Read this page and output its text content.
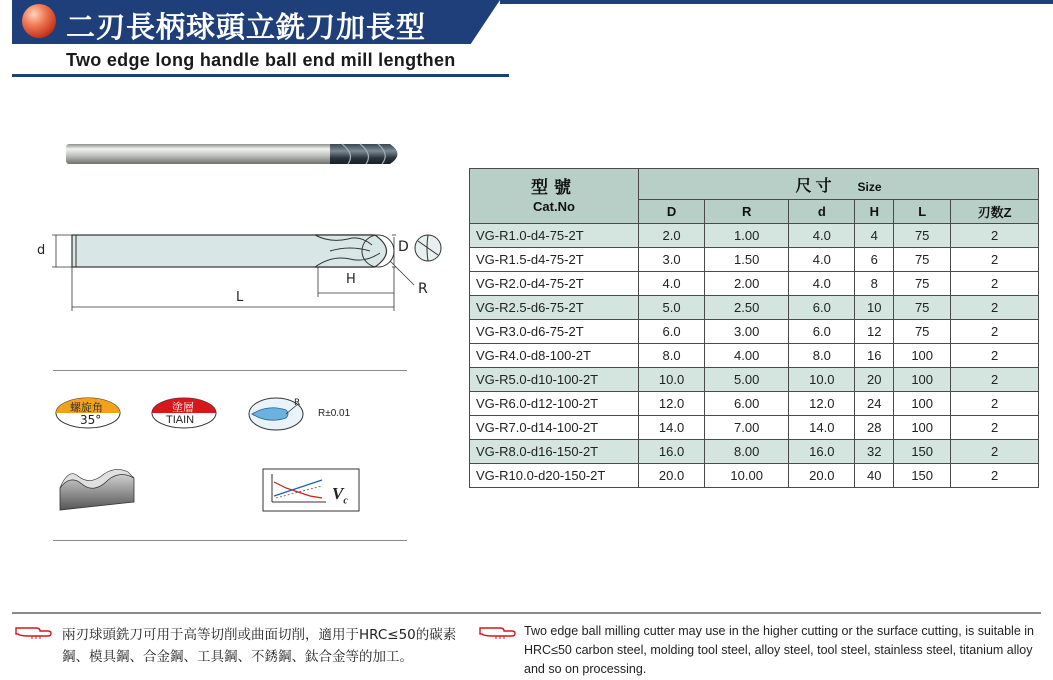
二刃長柄球頭立銑刀加長型
Two edge long handle ball end mill lengthen
d	D
H
L
R
螺旋角
35°
塗層
TIAIN
R
R±0.01
$V_c$
型號
Cat.No	尺寸 Size					
	D	R	d	H	L	刃数Z
VG-R1.0-d4-75-2T	2.0	1.00	4.0	4	75	2
VG-R1.5-d4-75-2T	3.0	1.50	4.0	6	75	2
VG-R2.0-d4-75-2T	4.0	2.00	4.0	8	75	2
VG-R2.5-d6-75-2T	5.0	2.50	6.0	10	75	2
VG-R3.0-d6-75-2T	6.0	3.00	6.0	12	75	2
VG-R4.0-d8-100-2T	8.0	4.00	8.0	16	100	2
VG-R5.0-d10-100-2T	10.0	5.00	10.0	20	100	2
VG-R6.0-d12-100-2T	12.0	6.00	12.0	24	100	2
VG-R7.0-d14-100-2T	14.0	7.00	14.0	28	100	2
VG-R8.0-d16-150-2T	16.0	8.00	16.0	32	150	2
VG-R10.0-d20-150-2T	20.0	10.00	20.0	40	150	2
兩刃球頭銑刀可用于高等切削或曲面切削，適用于HRC≤50的碳素鋼、模具鋼、合金鋼、工具鋼、不銹鋼、鈦合金等的加工。
Two edge ball milling cutter may use in the higher cutting or the surface cutting, is suitable in HRC≤50 carbon steel, molding tool steel, alloy steel, tool steel, stainless steel, titanium alloy and so on processing.
